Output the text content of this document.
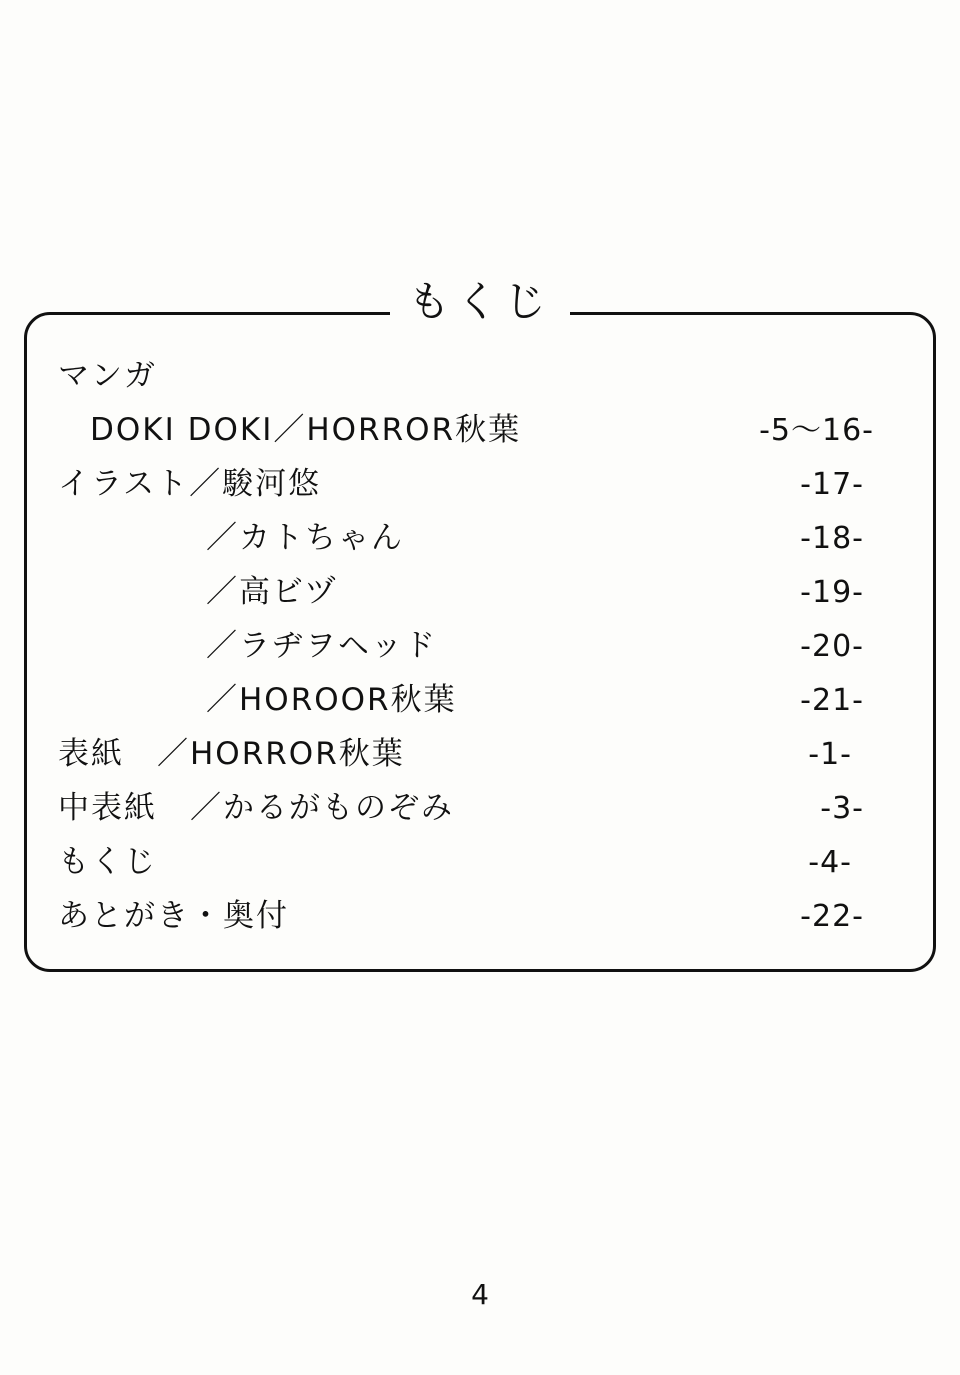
もくじ
マンガ
DOKI DOKI／HORROR秋葉	-5〜16-
イラスト／駿河悠	-17-
／カトちゃん	-18-
／高ビヅ	-19-
／ラヂヲヘッド	-20-
／HOROOR秋葉	-21-
表紙　／HORROR秋葉	-1-
中表紙　／かるがものぞみ	-3-
もくじ	-4-
あとがき・奥付	-22-
4
